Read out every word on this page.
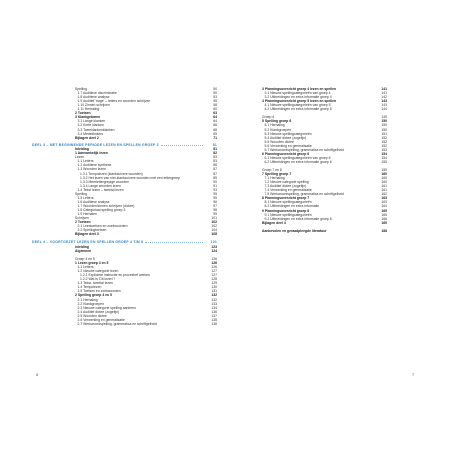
Spelling	50
1.7 Auditieve discriminatie	50
1.8 Auditieve analyse	53
1.9 Auditief 'trage' – letters en woorden schrijven	55
1.10 Zinnen schrijven	58
1.11 Herhaling	60
2 Toetsen	63
3 Klankgebaren	64
3.1 Lange klanken	64
3.2 Korte klanken	66
3.3 Tweeklankenklanken	68
3.4 Medeklinkers	69
Bijlagen deel 2	71
DEEL 3 – MET BEGINNENDE PERIODE LEZEN EN SPELLEN GROEP 3	81
Inleiding	81
1 Aanvankelijk lezen	82
Lezen	83
1.1 Letters	83
1.2 Auditieve synthese	86
1.3 Woorden lezen	87
1.3.1 Tempolezen (klankzuivere woorden)	87
1.3.2 Het lezen van niet-klankzuivere woorden met een lettergreep	89
1.3.3 Meerlettergrepige woorden	90
1.3.4 Lange woorden lezen	91
1.4 Tekst lezen – tweetal lezen	93
Spelling	95
1.5 Letters	95
1.6 Auditieve analyse	96
1.7 Woorden/zinnen schrijven (dictee)	97
1.8 Categoriaal spelling groep 3	98
1.9 Herhalen	99
Schrijven	101
2 Toetsen	102
2.1 Leestoetsen en zoekwoorden	102
2.2 Spellingtoetsen	104
Bijlagen deel 3	108
DEEL 4 – VOORTGEZET LEZEN EN SPELLEN GROEP 4 T/M 8	121
Inleiding	123
Algemeen	124
Groep 4 en 5	126
1 Lezen groep 4 en 5	126
1.1 Letters	126
1.2 Nieuwe categorie lezen	127
1.2.1 Expliciete instructie en proceshef werken	127
1.2.2 Wat is 'Dit lezen'?	128
1.3 Tekst- tweetal lezen	129
1.4 Tempolezen	130
1.5 Toetsen en zoekwoorden	131
2 Spelling groep 4 en 5	132
2.1 Herhaling	132
2.2 Klankgroepen	133
2.3 Nieuwe categorie spelling aanleren	134
2.4 Auditief dictee (zogefijn)	136
2.5 Woorden dictee	137
2.6 Verwerking en generalisatie	138
2.7 Werkwoordspelling, grammatica en schriftgelheid	138
3 Planningsoverzicht groep 4 lezen en spellen	141
3.1 Nieuwe spellingcategorieën van groep 4	141
3.2 Uitbreidingen en extra informatie groep 4	142
4 Planningsoverzicht groep 5 lezen en spellen	143
4.1 Nieuwe spellingcategorieën van groep 5	143
4.2 Uitbreidingen en extra informatie groep 5	144
Groep 6	149
5 Spelling groep 6	150
5.1 Herhaling	150
5.2 Klankgroepen	150
5.3 Nieuwe spellingcategorieën	151
5.4 Auditief dictee (zogefijn)	152
5.5 Woorden dictee	152
5.6 Verwerking en generalisatie	152
5.7 Werkwoordspelling, grammatica en schriftgelheid	153
6 Planningsoverzicht groep 6	154
6.1 Nieuwe spellingcategorieën van groep 6	154
6.2 Uitbreidingen en extra informatie groep 6	155
Groep 7 en 8	159
7 Spelling groep 7	160
7.1 Herhaling	160
7.2 Nieuwe categorie spelling	160
7.3 Auditief dictee (zogefijn)	161
7.4 Verwerking en generalisatie	161
7.5 Werkwoordspelling, grammatica en schriftgelheid	162
8 Planningsoverzicht groep 7	163
8.1 Nieuwe spellingcategorieën	163
8.2 Uitbreidingen en extra informatie	164
9 Planningsoverzicht groep 8	165
9.1 Nieuwe spellingcategorieën	165
9.2 Uitbreidingen en extra informatie groep 8	166
Bijlagen deel 4	169
Aanbevolen en geraadpleegde literatuur	188
8	7
